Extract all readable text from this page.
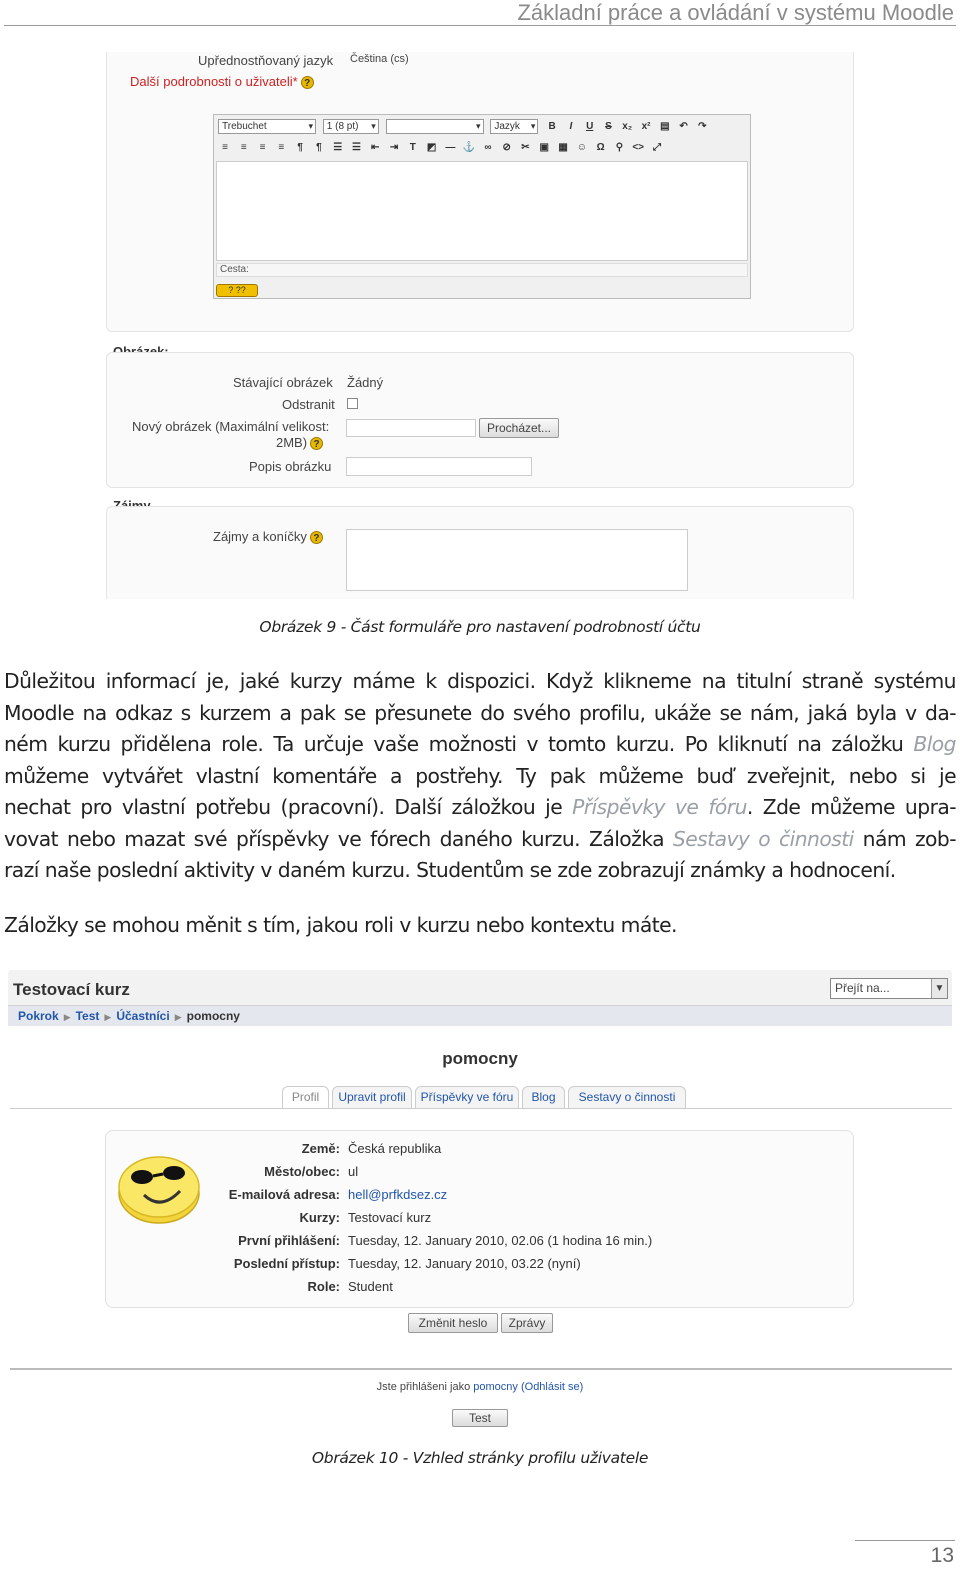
Základní práce a ovládání v systému Moodle
Upřednostňovaný jazyk Čeština (cs)
Další podrobnosti o uživateli* ?
Trebuchet ▾	1 (8 pt) ▾ ▾	Jazyk ▾	B I U S x₂ x² ▤ ↶ ↷
≡ ≡ ≡ ≡ ¶ ¶ ☰ ☰ ⇤ ⇥ T ◩ — ⚓ ∞ ⊘ ✂ ▣ ▦ ☺ Ω ⚲ <> ⤢
Cesta:
? ??
Stávající obrázek Žádný
Odstranit
Nový obrázek (Maximální velikost:
2MB) ?
Procházet...
Popis obrázku
Zájmy a koníčky ?
Obrázek 9 - Část formuláře pro nastavení podrobností účtu
Důležitou informací je, jaké kurzy máme k dispozici. Když klikneme na titulní straně systému
Moodle na odkaz s kurzem a pak se přesunete do svého profilu, ukáže se nám, jaká byla v da-
ném kurzu přidělena role. Ta určuje vaše možnosti v tomto kurzu. Po kliknutí na záložku Blog
můžeme vytvářet vlastní komentáře a postřehy. Ty pak můžeme buď zveřejnit, nebo si je
nechat pro vlastní potřebu (pracovní). Další záložkou je Příspěvky ve fóru. Zde můžeme upra-
vovat nebo mazat své příspěvky ve fórech daného kurzu. Záložka Sestavy o činnosti nám zob-
razí naše poslední aktivity v daném kurzu. Studentům se zde zobrazují známky a hodnocení.
Záložky se mohou měnit s tím, jakou roli v kurzu nebo kontextu máte.
Testovací kurz	Přejít na...	▼
Pokrok ▶ Test ▶ Účastníci ▶ pomocny
pomocny
Profil	Upravit profil	Příspěvky ve fóru	Blog	Sestavy o činnosti
Země: Česká republika
Město/obec: ul
E-mailová adresa: hell@prfkdsez.cz
Kurzy: Testovací kurz
První přihlášení: Tuesday, 12. January 2010, 02.06 (1 hodina 16 min.)
Poslední přístup: Tuesday, 12. January 2010, 03.22 (nyní)
Role: Student
Změnit heslo	Zprávy
Jste přihlášeni jako pomocny (Odhlásit se)
Test
Obrázek 10 - Vzhled stránky profilu uživatele
13
